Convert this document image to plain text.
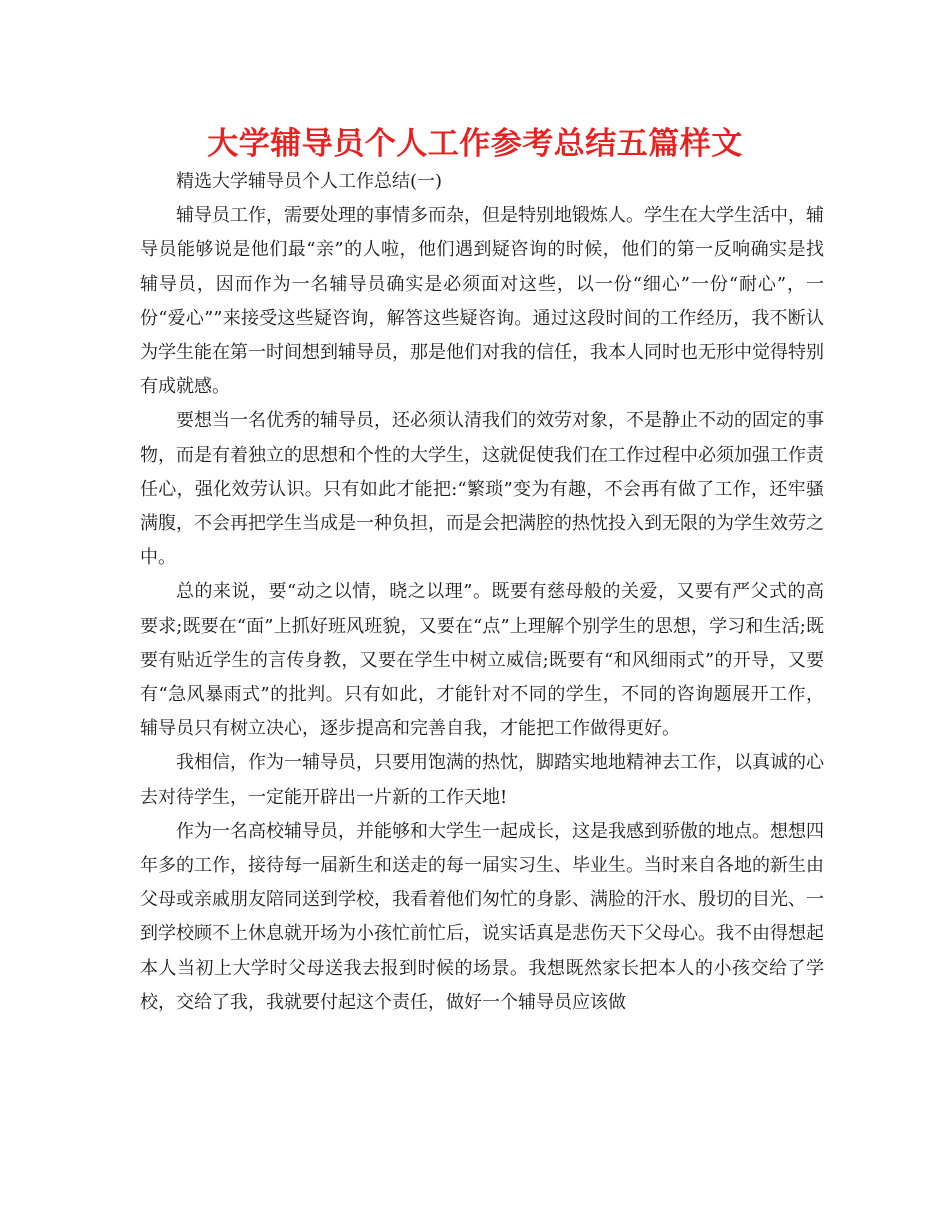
大学辅导员个人工作参考总结五篇样文

精选大学辅导员个人工作总结(一)

辅导员工作，需要处理的事情多而杂，但是特别地锻炼人。学生在大学生活中，辅导员能够说是他们最“亲”的人啦，他们遇到疑咨询的时候，他们的第一反响确实是找辅导员，因而作为一名辅导员确实是必须面对这些，以一份“细心”一份“耐心”，一份“爱心””来接受这些疑咨询，解答这些疑咨询。通过这段时间的工作经历，我不断认为学生能在第一时间想到辅导员，那是他们对我的信任，我本人同时也无形中觉得特别有成就感。

要想当一名优秀的辅导员，还必须认清我们的效劳对象，不是静止不动的固定的事物，而是有着独立的思想和个性的大学生，这就促使我们在工作过程中必须加强工作责任心，强化效劳认识。只有如此才能把:“繁琐”变为有趣，不会再有做了工作，还牢骚满腹，不会再把学生当成是一种负担，而是会把满腔的热忱投入到无限的为学生效劳之中。

总的来说，要“动之以情，晓之以理”。既要有慈母般的关爱，又要有严父式的高要求;既要在“面”上抓好班风班貌，又要在“点”上理解个别学生的思想，学习和生活;既要有贴近学生的言传身教，又要在学生中树立威信;既要有“和风细雨式”的开导，又要有“急风暴雨式”的批判。只有如此，才能针对不同的学生，不同的咨询题展开工作，辅导员只有树立决心，逐步提高和完善自我，才能把工作做得更好。

我相信，作为一辅导员，只要用饱满的热忱，脚踏实地地精神去工作，以真诚的心去对待学生，一定能开辟出一片新的工作天地!

作为一名高校辅导员，并能够和大学生一起成长，这是我感到骄傲的地点。想想四年多的工作，接待每一届新生和送走的每一届实习生、毕业生。当时来自各地的新生由父母或亲戚朋友陪同送到学校，我看着他们匆忙的身影、满脸的汗水、殷切的目光、一到学校顾不上休息就开场为小孩忙前忙后，说实话真是悲伤天下父母心。我不由得想起本人当初上大学时父母送我去报到时候的场景。我想既然家长把本人的小孩交给了学校，交给了我，我就要付起这个责任，做好一个辅导员应该做
